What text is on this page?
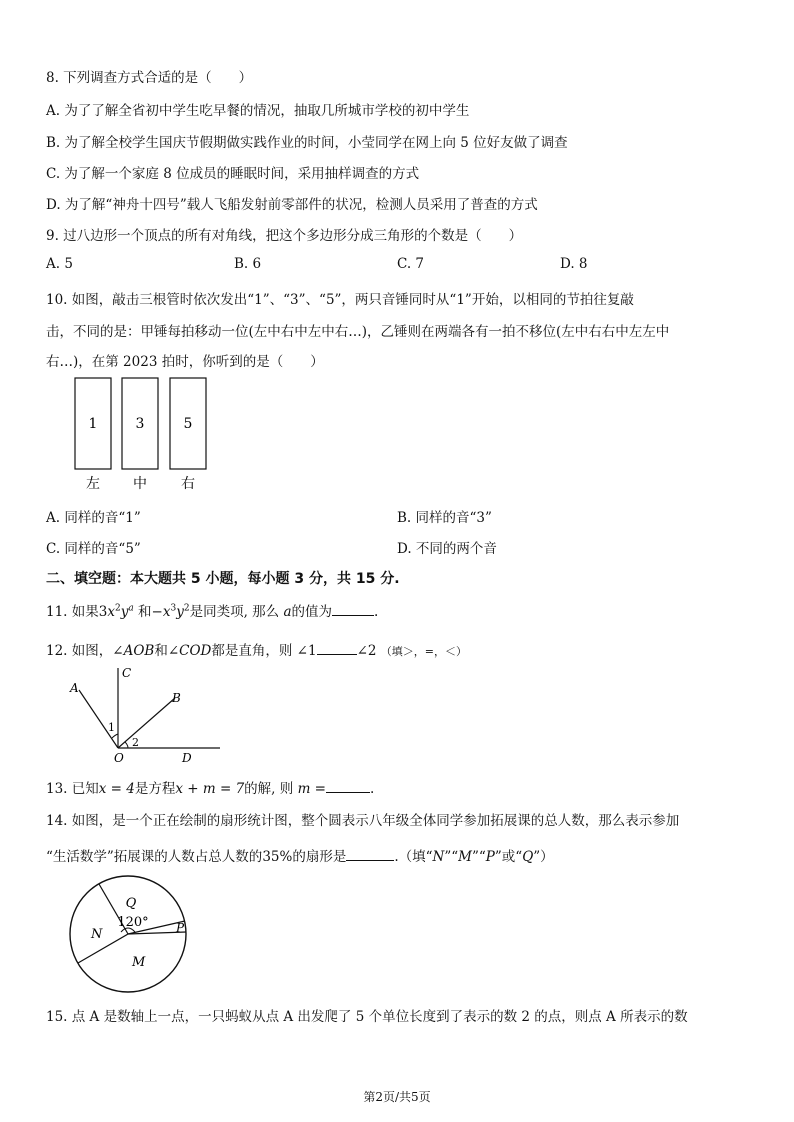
8. 下列调查方式合适的是（　　）
A. 为了了解全省初中学生吃早餐的情况，抽取几所城市学校的初中学生
B. 为了解全校学生国庆节假期做实践作业的时间，小莹同学在网上向 5 位好友做了调查
C. 为了解一个家庭 8 位成员的睡眠时间，采用抽样调查的方式
D. 为了解“神舟十四号”载人飞船发射前零部件的状况，检测人员采用了普查的方式
9. 过八边形一个顶点的所有对角线，把这个多边形分成三角形的个数是（　　）
A. 5	B. 6	C. 7	D. 8
10. 如图，敲击三根管时依次发出“1”、“3”、“5”，两只音锤同时从“1”开始，以相同的节拍往复敲
击，不同的是：甲锤每拍移动一位(左中右中左中右…)，乙锤则在两端各有一拍不移位(左中右右中左左中
右…)，在第 2023 拍时，你听到的是（　　）
1	3	5
左 中 右
A. 同样的音“1”	B. 同样的音“3”
C. 同样的音“5”	D. 不同的两个音
二、填空题：本大题共 5 小题，每小题 3 分，共 15 分.
11. 如果$3x^2y^a$ 和$-x^3y^2$是同类项, 那么 a的值为	.
12. 如图，∠AOB和∠COD都是直角，则 ∠1	∠2 （填＞，=，＜）
A
C
B
O	D
1
2
13. 已知x = 4是方程x + m = 7的解, 则 m =	.
14. 如图，是一个正在绘制的扇形统计图，整个圆表示八年级全体同学参加拓展课的总人数，那么表示参加
“生活数学”拓展课的人数占总人数的35%的扇形是	.（填“N”“M”“P”或“Q”）
Q
120°
N
M
P
15. 点 A 是数轴上一点，一只蚂蚁从点 A 出发爬了 5 个单位长度到了表示的数 2 的点，则点 A 所表示的数
第2页/共5页
